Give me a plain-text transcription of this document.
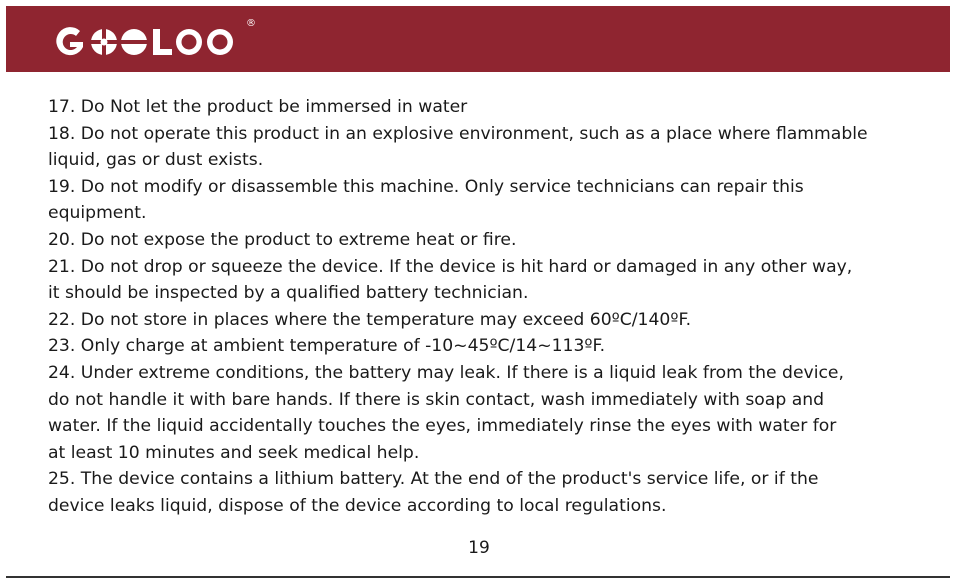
®
17. Do Not let the product be immersed in water
18. Do not operate this product in an explosive environment, such as a place where flammable
liquid, gas or dust exists.
19. Do not modify or disassemble this machine. Only service technicians can repair this
equipment.
20. Do not expose the product to extreme heat or fire.
21. Do not drop or squeeze the device. If the device is hit hard or damaged in any other way,
it should be inspected by a qualified battery technician.
22. Do not store in places where the temperature may exceed 60ºC/140ºF.
23. Only charge at ambient temperature of -10~45ºC/14~113ºF.
24. Under extreme conditions, the battery may leak. If there is a liquid leak from the device,
do not handle it with bare hands. If there is skin contact, wash immediately with soap and
water. If the liquid accidentally touches the eyes, immediately rinse the eyes with water for
at least 10 minutes and seek medical help.
25. The device contains a lithium battery. At the end of the product's service life, or if the
device leaks liquid, dispose of the device according to local regulations.
19
